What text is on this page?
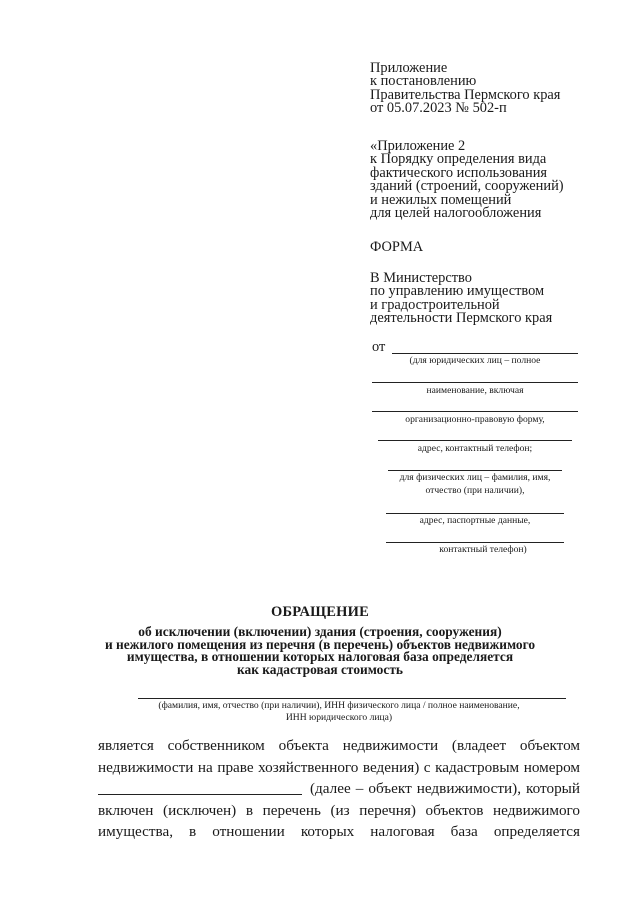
Приложение
к постановлению
Правительства Пермского края
от 05.07.2023 № 502-п
«Приложение 2
к Порядку определения вида
фактического использования
зданий (строений, сооружений)
и нежилых помещений
для целей налогообложения
ФОРМА
В Министерство
по управлению имуществом
и градостроительной
деятельности Пермского края
от
(для юридических лиц – полное
наименование, включая
организационно-правовую форму,
адрес, контактный телефон;
для физических лиц – фамилия, имя,
отчество (при наличии),
адрес, паспортные данные,
контактный телефон)
ОБРАЩЕНИЕ
об исключении (включении) здания (строения, сооружения)
и нежилого помещения из перечня (в перечень) объектов недвижимого
имущества, в отношении которых налоговая база определяется
как кадастровая стоимость
(фамилия, имя, отчество (при наличии), ИНН физического лица / полное наименование,
ИНН юридического лица)
является собственником объекта недвижимости (владеет объектом
недвижимости на праве хозяйственного ведения) с кадастровым номером
(далее – объект недвижимости), который
включен (исключен) в перечень (из перечня) объектов недвижимого
имущества, в отношении которых налоговая база определяется
